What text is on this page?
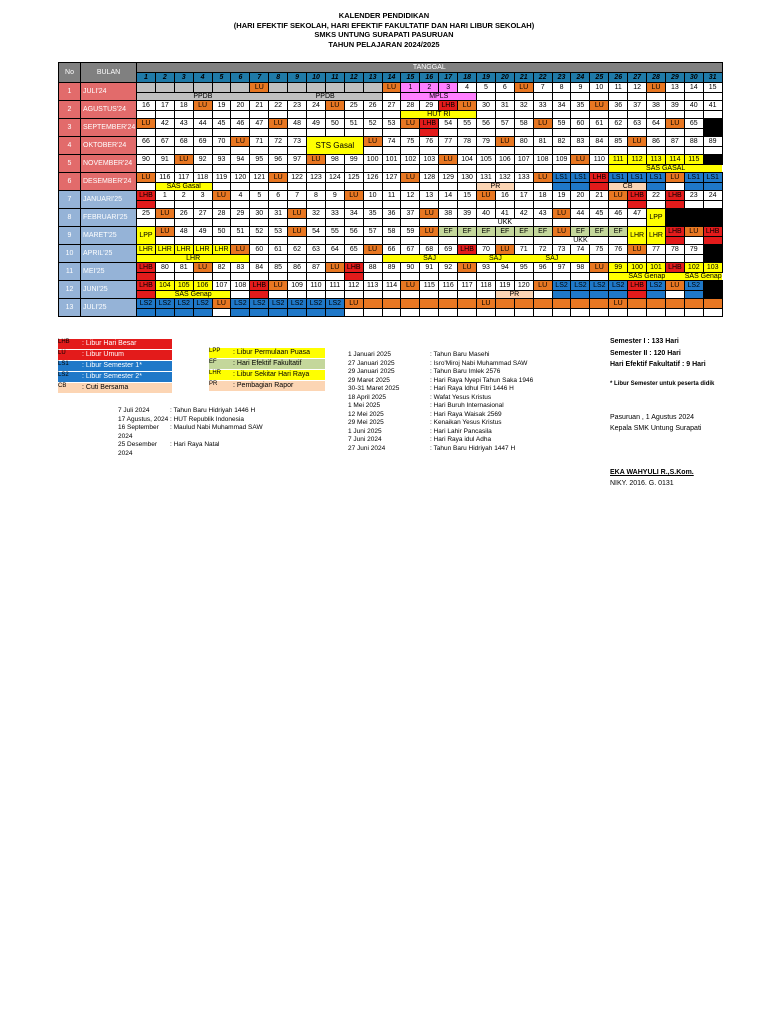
KALENDER PENDIDIKAN
(HARI EFEKTIF SEKOLAH, HARI EFEKTIF FAKULTATIF DAN HARI LIBUR SEKOLAH)
SMKS UNTUNG SURAPATI PASURUAN
TAHUN PELAJARAN 2024/2025
No	BULAN	TANGGAL																														
		1	2	3	4	5	6	7	8	9	10	11	12	13	14	15	16	17	18	19	20	21	22	23	24	25	26	27	28	29	30	31
1	JULI'24							LU							LU	1	2	3	4	5	6	LU	7	8	9	10	11	12	LU	13	14	15
		PPDB							PPDB							MPLS																
2	AGUSTUS'24	16	17	18	LU	19	20	21	22	23	24	LU	25	26	27	28	29	LHB	LU	30	31	32	33	34	35	LU	36	37	38	39	40	41
																HUT RI																
3	SEPTEMBER'24	LU	42	43	44	45	46	47	LU	48	49	50	51	52	53	LU	LHB	54	55	56	57	58	LU	59	60	61	62	63	64	LU	65	

4	OKTOBER'24	66	67	68	69	70	LU	71	72	73	STS Gasal			LU	74	75	76	77	78	79	LU	80	81	82	83	84	85	LU	86	87	88	89

5	NOVEMBER'24	90	91	LU	92	93	94	95	96	97	LU	98	99	100	101	102	103	LU	104	105	106	107	108	109	LU	110	111	112	113	114	115	
																											SAS GASAL					
6	DESEMBER'24	LU	116	117	118	119	120	121	LU	122	123	124	125	126	127	LU	128	129	130	131	132	133	LU	LS1	LS1	LHB	LS1	LS1	LS1	LU	LS1	LS1
			SAS Gasal																	PR							CB					
7	JANUARI'25	LHB	1	2	3	LU	4	5	6	7	8	9	LU	10	11	12	13	14	15	LU	16	17	18	19	20	21	LU	LHB	22	LHB	23	24

8	FEBRUARI'25	25	LU	26	27	28	29	30	31	LU	32	33	34	35	36	37	LU	38	39	40	41	42	43	LU	44	45	46	47	LPP			
																				UKK												
9	MARET'25	LPP	LU	48	49	50	51	52	53	LU	54	55	56	57	58	59	LU	EF	EF	EF	EF	EF	EF	LU	EF	EF	EF	LHR	LHR	LHB	LU	LHB
																								UKK								
10	APRIL'25	LHR	LHR	LHR	LHR	LHR	LU	60	61	62	63	64	65	LU	66	67	68	69	LHB	70	LU	71	72	73	74	75	76	LU	77	78	79	
		LHR													SAJ					SAJ		SAJ										
11	MEI'25	LHB	80	81	LU	82	83	84	85	86	87	LU	LHB	88	89	90	91	92	LU	93	94	95	96	97	98	LU	99	100	101	LHB	102	103
																											SAS Genap				SAS Genap	
12	JUNI'25	LHB	104	105	106	107	108	LHB	LU	109	110	111	112	113	114	LU	115	116	117	118	119	120	LU	LS2	LS2	LS2	LS2	LHB	LS2	LU	LS2	
			SAS Genap																		PR											
13	JULI'25	LS2	LS2	LS2	LS2	LU	LS2	LS2	LS2	LS2	LS2	LS2	LU							LU							LU					

LHB	: Libur Hari Besar
LU	: Libur Umum
LS1	: Libur Semester 1*
LS2	: Libur Semester 2*
CB	: Cuti Bersama
LPP	: Libur Permulaan Puasa
EF	: Hari Efektif Fakultatif
LHR	: Libur Sekitar Hari Raya
PR	: Pembagian Rapor
7 Juli 2024	: Tahun Baru Hidriyah 1446 H
17 Agustus, 2024 : HUT Republik Indonesia
16 September 2024
: Maulud Nabi Muhammad SAW
25 Desember 2024
: Hari Raya Natal
1 Januari 2025	: Tahun Baru Masehi
27 Januari 2025	: Isro'Miroj Nabi Muhammad SAW
29 Januari 2025	: Tahun Baru Imlek 2576
29 Maret 2025	: Hari Raya Nyepi Tahun Saka 1946
30-31 Maret 2025	: Hari Raya Idhul Fitri 1446 H
18 April 2025	: Wafat Yesus Kristus
1 Mei 2025	: Hari Buruh Internasional
12 Mei 2025	: Hari Raya Waisak 2569
29 Mei 2025	: Kenaikan Yesus Kristus
1 Juni 2025	: Hari Lahir Pancasila
7 Juni 2024	: Hari Raya idul Adha
27 Juni 2024	: Tahun Baru Hidriyah 1447 H
Semester I : 133 Hari
Semester II : 120 Hari
Hari Efektif Fakultatif : 9 Hari
* Libur Semester untuk peserta didik
Pasuruan , 1 Agustus 2024
Kepala SMK Untung Surapati
EKA WAHYULI R.,S.Kom.
NIKY. 2016. G. 0131
